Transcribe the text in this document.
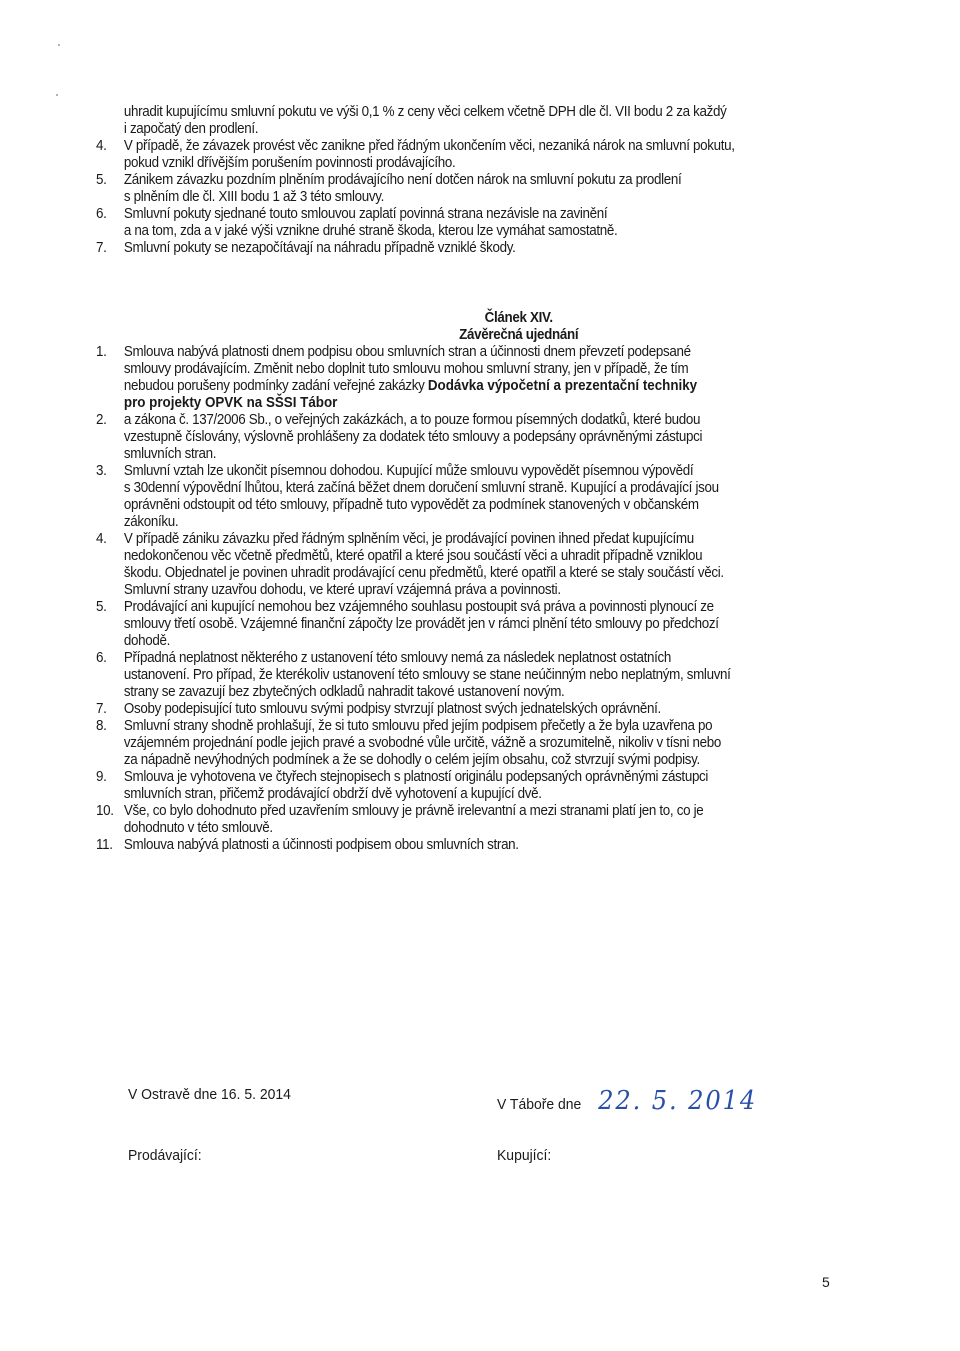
uhradit kupujícímu smluvní pokutu ve výši 0,1 % z ceny věci celkem včetně DPH dle čl. VII bodu 2 za každý
i započatý den prodlení.
4.	V případě, že závazek provést věc zanikne před řádným ukončením věci, nezaniká nárok na smluvní pokutu,
pokud vznikl dřívějším porušením povinnosti prodávajícího.
5.	Zánikem závazku pozdním plněním prodávajícího není dotčen nárok na smluvní pokutu za prodlení
s plněním dle čl. XIII bodu 1 až 3 této smlouvy.
6.	Smluvní pokuty sjednané touto smlouvou zaplatí povinná strana nezávisle na zavinění
a na tom, zda a v jaké výši vznikne druhé straně škoda, kterou lze vymáhat samostatně.
7.	Smluvní pokuty se nezapočítávají na náhradu případně vzniklé škody.
Článek XIV.
Závěrečná ujednání
1.	Smlouva nabývá platnosti dnem podpisu obou smluvních stran a účinnosti dnem převzetí podepsané
smlouvy prodávajícím. Změnit nebo doplnit tuto smlouvu mohou smluvní strany, jen v případě, že tím
nebudou porušeny podmínky zadání veřejné zakázky Dodávka výpočetní a prezentační techniky
pro projekty OPVK na SŠSI Tábor
2.	a zákona č. 137/2006 Sb., o veřejných zakázkách, a to pouze formou písemných dodatků, které budou
vzestupně číslovány, výslovně prohlášeny za dodatek této smlouvy a podepsány oprávněnými zástupci
smluvních stran.
3.	Smluvní vztah lze ukončit písemnou dohodou. Kupující může smlouvu vypovědět písemnou výpovědí
s 30denní výpovědní lhůtou, která začíná běžet dnem doručení smluvní straně. Kupující a prodávající jsou
oprávněni odstoupit od této smlouvy, případně tuto vypovědět za podmínek stanovených v občanském
zákoníku.
4.	V případě zániku závazku před řádným splněním věci, je prodávající povinen ihned předat kupujícímu
nedokončenou věc včetně předmětů, které opatřil a které jsou součástí věci a uhradit případně vzniklou
škodu. Objednatel je povinen uhradit prodávající cenu předmětů, které opatřil a které se staly součástí věci.
Smluvní strany uzavřou dohodu, ve které upraví vzájemná práva a povinnosti.
5.	Prodávající ani kupující nemohou bez vzájemného souhlasu postoupit svá práva a povinnosti plynoucí ze
smlouvy třetí osobě. Vzájemné finanční zápočty lze provádět jen v rámci plnění této smlouvy po předchozí
dohodě.
6.	Případná neplatnost některého z ustanovení této smlouvy nemá za následek neplatnost ostatních
ustanovení. Pro případ, že kterékoliv ustanovení této smlouvy se stane neúčinným nebo neplatným, smluvní
strany se zavazují bez zbytečných odkladů nahradit takové ustanovení novým.
7.	Osoby podepisující tuto smlouvu svými podpisy stvrzují platnost svých jednatelských oprávnění.
8.	Smluvní strany shodně prohlašují, že si tuto smlouvu před jejím podpisem přečetly a že byla uzavřena po
vzájemném projednání podle jejich pravé a svobodné vůle určitě, vážně a srozumitelně, nikoliv v tísni nebo
za nápadně nevýhodných podmínek a že se dohodly o celém jejím obsahu, což stvrzují svými podpisy.
9.	Smlouva je vyhotovena ve čtyřech stejnopisech s platností originálu podepsaných oprávněnými zástupci
smluvních stran, přičemž prodávající obdrží dvě vyhotovení a kupující dvě.
10. Vše, co bylo dohodnuto před uzavřením smlouvy je právně irelevantní a mezi stranami platí jen to, co je
dohodnuto v této smlouvě.
11. Smlouva nabývá platnosti a účinnosti podpisem obou smluvních stran.
V Ostravě dne 16. 5. 2014
V Táboře dne 22. 5. 2014
Prodávající:	Kupující:
5
